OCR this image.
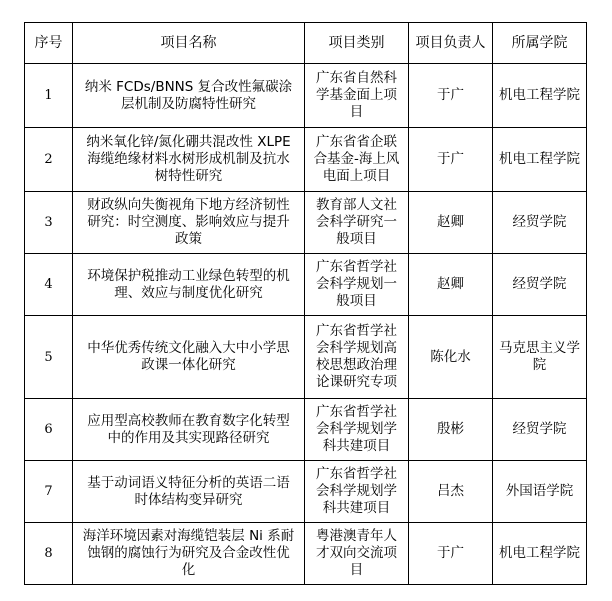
序号	项目名称	项目类别	项目负责人	所属学院
1	纳米 FCDs/BNNS 复合改性氟碳涂层机制及防腐特性研究	广东省自然科学基金面上项目	于广	机电工程学院
2	纳米氧化锌/氮化硼共混改性 XLPE 海缆绝缘材料水树形成机制及抗水树特性研究	广东省省企联合基金-海上风电面上项目	于广	机电工程学院
3	财政纵向失衡视角下地方经济韧性研究：时空测度、影响效应与提升政策	教育部人文社会科学研究一般项目	赵卿	经贸学院
4	环境保护税推动工业绿色转型的机理、效应与制度优化研究	广东省哲学社会科学规划一般项目	赵卿	经贸学院
5	中华优秀传统文化融入大中小学思政课一体化研究	广东省哲学社会科学规划高校思想政治理论课研究专项	陈化水	马克思主义学院
6	应用型高校教师在教育数字化转型中的作用及其实现路径研究	广东省哲学社会科学规划学科共建项目	殷彬	经贸学院
7	基于动词语义特征分析的英语二语时体结构变异研究	广东省哲学社会科学规划学科共建项目	吕杰	外国语学院
8	海洋环境因素对海缆铠装层 Ni 系耐蚀钢的腐蚀行为研究及合金改性优化	粤港澳青年人才双向交流项目	于广	机电工程学院
